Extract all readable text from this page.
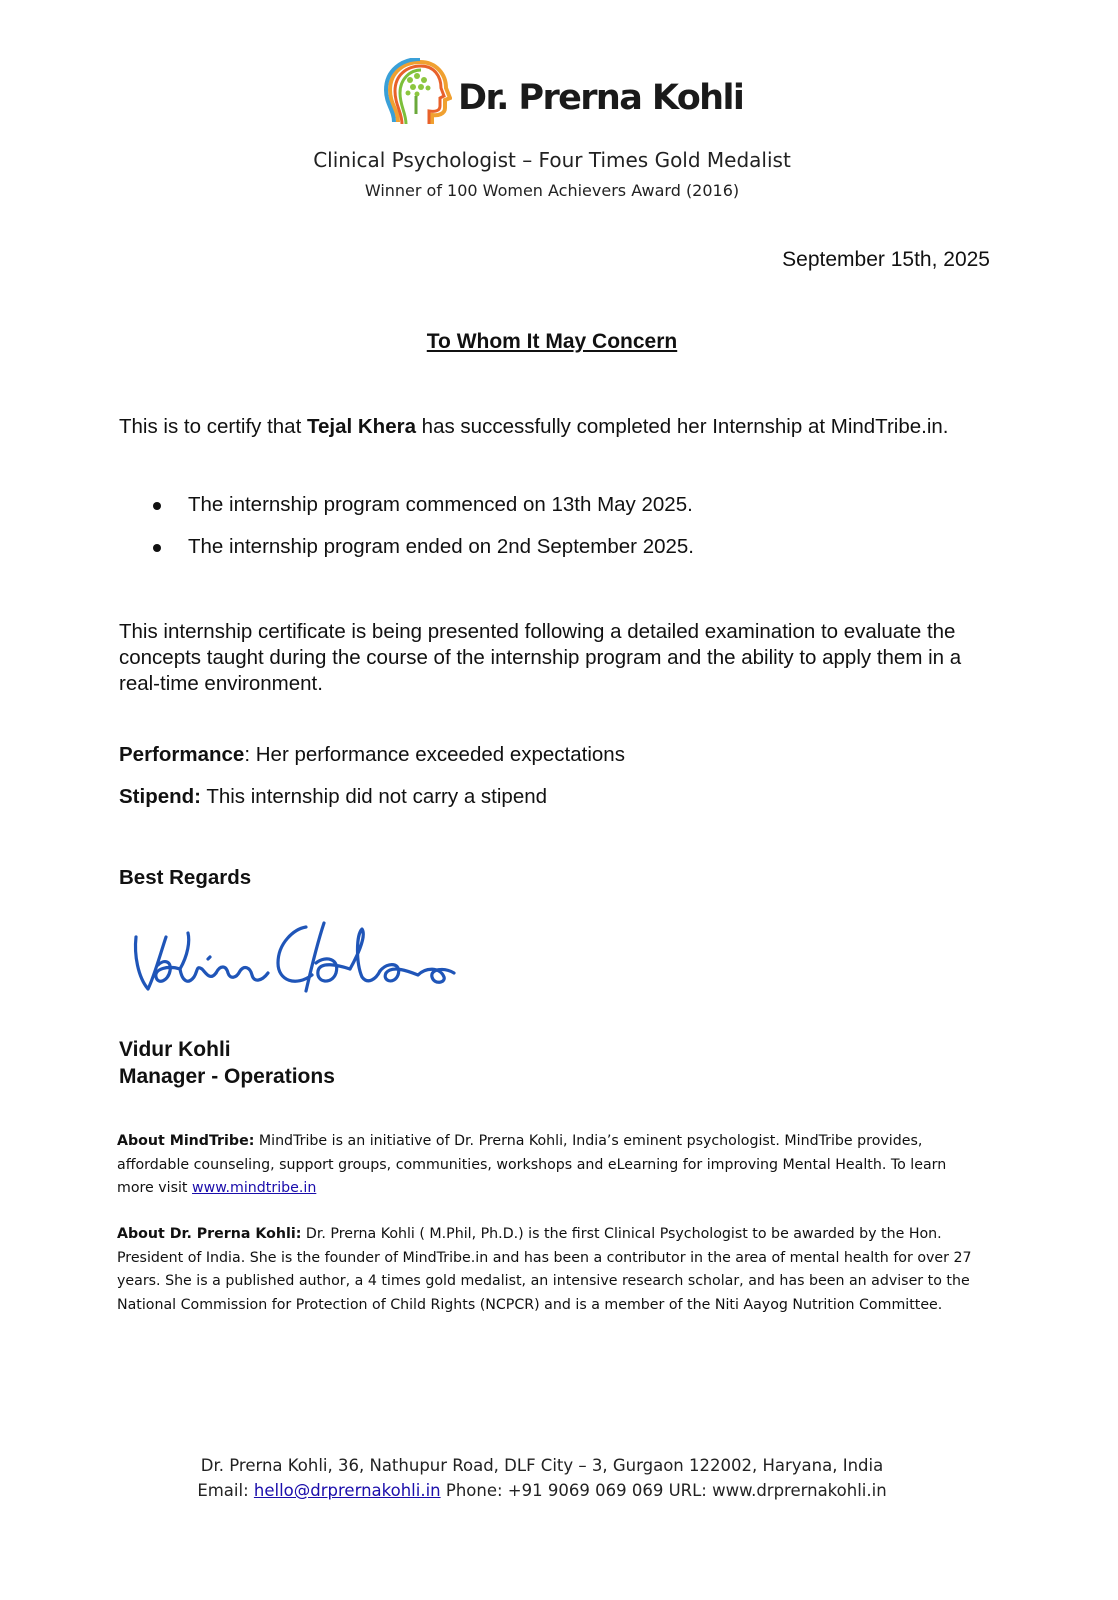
Dr. Prerna Kohli
Clinical Psychologist – Four Times Gold Medalist
Winner of 100 Women Achievers Award (2016)
September 15th, 2025
To Whom It May Concern
This is to certify that Tejal Khera has successfully completed her Internship at MindTribe.in.
The internship program commenced on 13th May 2025.
The internship program ended on 2nd September 2025.
This internship certificate is being presented following a detailed examination to evaluate the concepts taught during the course of the internship program and the ability to apply them in a real-time environment.
Performance: Her performance exceeded expectations
Stipend: This internship did not carry a stipend
Best Regards
Vidur Kohli
Manager - Operations
About MindTribe: MindTribe is an initiative of Dr. Prerna Kohli, India’s eminent psychologist. MindTribe provides, affordable counseling, support groups, communities, workshops and eLearning for improving Mental Health. To learn more visit www.mindtribe.in
About Dr. Prerna Kohli: Dr. Prerna Kohli ( M.Phil, Ph.D.) is the first Clinical Psychologist to be awarded by the Hon. President of India. She is the founder of MindTribe.in and has been a contributor in the area of mental health for over 27 years. She is a published author, a 4 times gold medalist, an intensive research scholar, and has been an adviser to the National Commission for Protection of Child Rights (NCPCR) and is a member of the Niti Aayog Nutrition Committee.
Dr. Prerna Kohli, 36, Nathupur Road, DLF City – 3, Gurgaon 122002, Haryana, India
Email: hello@drprernakohli.in Phone: +91 9069 069 069 URL: www.drprernakohli.in
